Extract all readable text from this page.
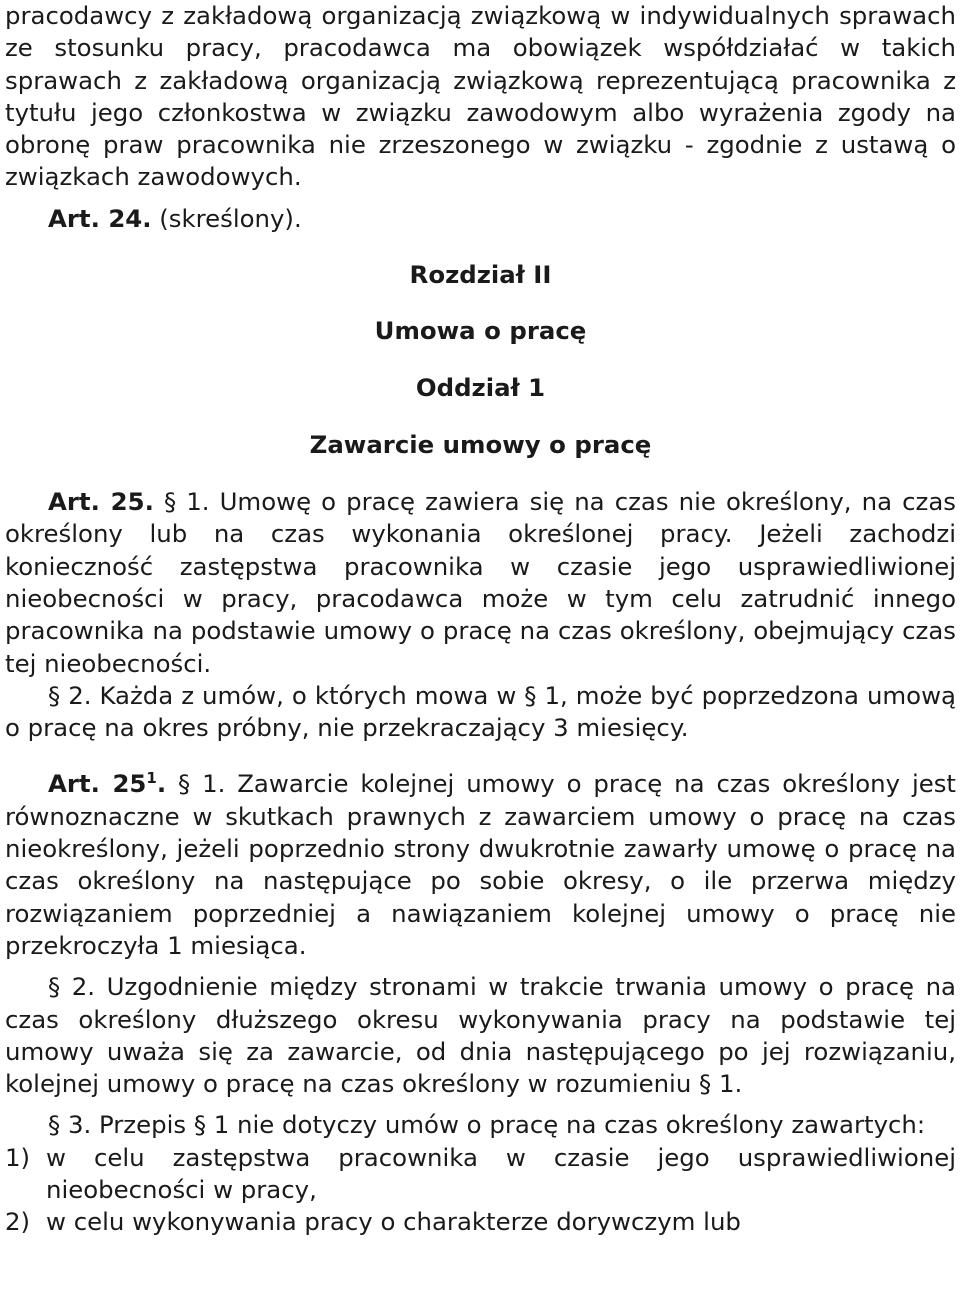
pracodawcy z zakładową organizacją związkową w indywidualnych sprawach ze stosunku pracy, pracodawca ma obowiązek współdziałać w takich sprawach z zakładową organizacją związkową reprezentującą pracownika z tytułu jego członkostwa w związku zawodowym albo wyrażenia zgody na obronę praw pracownika nie zrzeszonego w związku - zgodnie z ustawą o związkach zawodowych.

Art. 24. (skreślony).

Rozdział II
Umowa o pracę
Oddział 1
Zawarcie umowy o pracę

Art. 25. § 1. Umowę o pracę zawiera się na czas nie określony, na czas określony lub na czas wykonania określonej pracy. Jeżeli zachodzi konieczność zastępstwa pracownika w czasie jego usprawiedliwionej nieobecności w pracy, pracodawca może w tym celu zatrudnić innego pracownika na podstawie umowy o pracę na czas określony, obejmujący czas tej nieobecności.

§ 2. Każda z umów, o których mowa w § 1, może być poprzedzona umową o pracę na okres próbny, nie przekraczający 3 miesięcy.

Art. $25^1$. § 1. Zawarcie kolejnej umowy o pracę na czas określony jest równoznaczne w skutkach prawnych z zawarciem umowy o pracę na czas nieokreślony, jeżeli poprzednio strony dwukrotnie zawarły umowę o pracę na czas określony na następujące po sobie okresy, o ile przerwa między rozwiązaniem poprzedniej a nawiązaniem kolejnej umowy o pracę nie przekroczyła 1 miesiąca.

§ 2. Uzgodnienie między stronami w trakcie trwania umowy o pracę na czas określony dłuższego okresu wykonywania pracy na podstawie tej umowy uważa się za zawarcie, od dnia następującego po jej rozwiązaniu, kolejnej umowy o pracę na czas określony w rozumieniu § 1.

§ 3. Przepis § 1 nie dotyczy umów o pracę na czas określony zawartych:

1) w celu zastępstwa pracownika w czasie jego usprawiedliwionej nieobecności w pracy,
2) w celu wykonywania pracy o charakterze dorywczym lub
